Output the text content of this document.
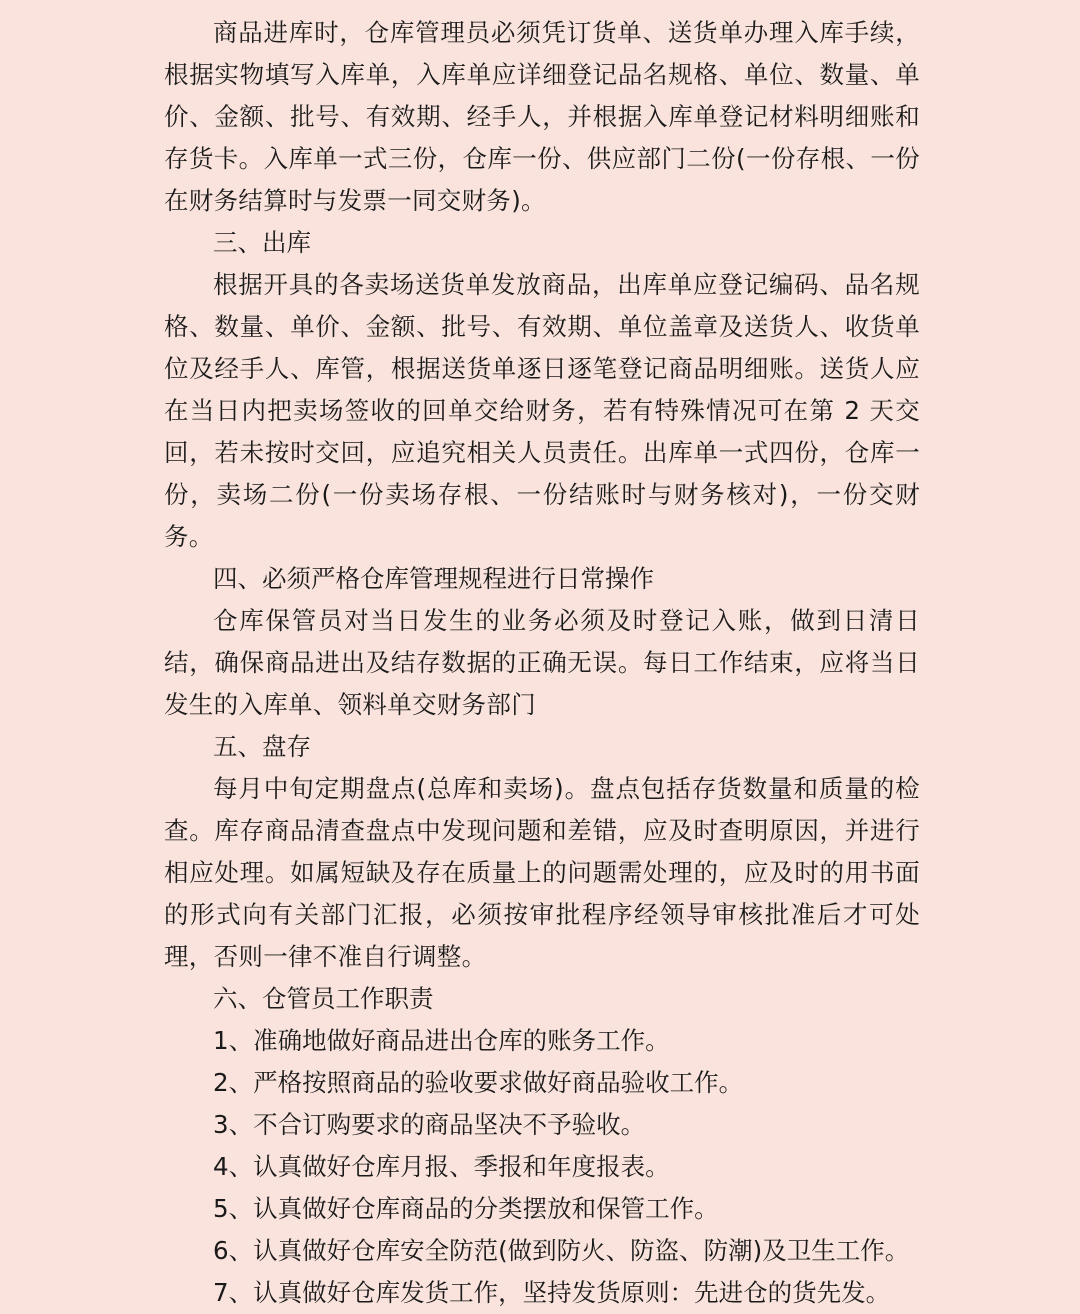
商品进库时，仓库管理员必须凭订货单、送货单办理入库手续，根据实物填写入库单，入库单应详细登记品名规格、单位、数量、单价、金额、批号、有效期、经手人，并根据入库单登记材料明细账和存货卡。入库单一式三份，仓库一份、供应部门二份(一份存根、一份在财务结算时与发票一同交财务)。

三、出库

根据开具的各卖场送货单发放商品，出库单应登记编码、品名规格、数量、单价、金额、批号、有效期、单位盖章及送货人、收货单位及经手人、库管，根据送货单逐日逐笔登记商品明细账。送货人应在当日内把卖场签收的回单交给财务，若有特殊情况可在第 2 天交回，若未按时交回，应追究相关人员责任。出库单一式四份，仓库一份，卖场二份(一份卖场存根、一份结账时与财务核对)，一份交财务。

四、必须严格仓库管理规程进行日常操作

仓库保管员对当日发生的业务必须及时登记入账，做到日清日结，确保商品进出及结存数据的正确无误。每日工作结束，应将当日发生的入库单、领料单交财务部门

五、盘存

每月中旬定期盘点(总库和卖场)。盘点包括存货数量和质量的检查。库存商品清查盘点中发现问题和差错，应及时查明原因，并进行相应处理。如属短缺及存在质量上的问题需处理的，应及时的用书面的形式向有关部门汇报，必须按审批程序经领导审核批准后才可处理，否则一律不准自行调整。

六、仓管员工作职责

1、准确地做好商品进出仓库的账务工作。
2、严格按照商品的验收要求做好商品验收工作。
3、不合订购要求的商品坚决不予验收。
4、认真做好仓库月报、季报和年度报表。
5、认真做好仓库商品的分类摆放和保管工作。
6、认真做好仓库安全防范(做到防火、防盗、防潮)及卫生工作。
7、认真做好仓库发货工作，坚持发货原则：先进仓的货先发。
